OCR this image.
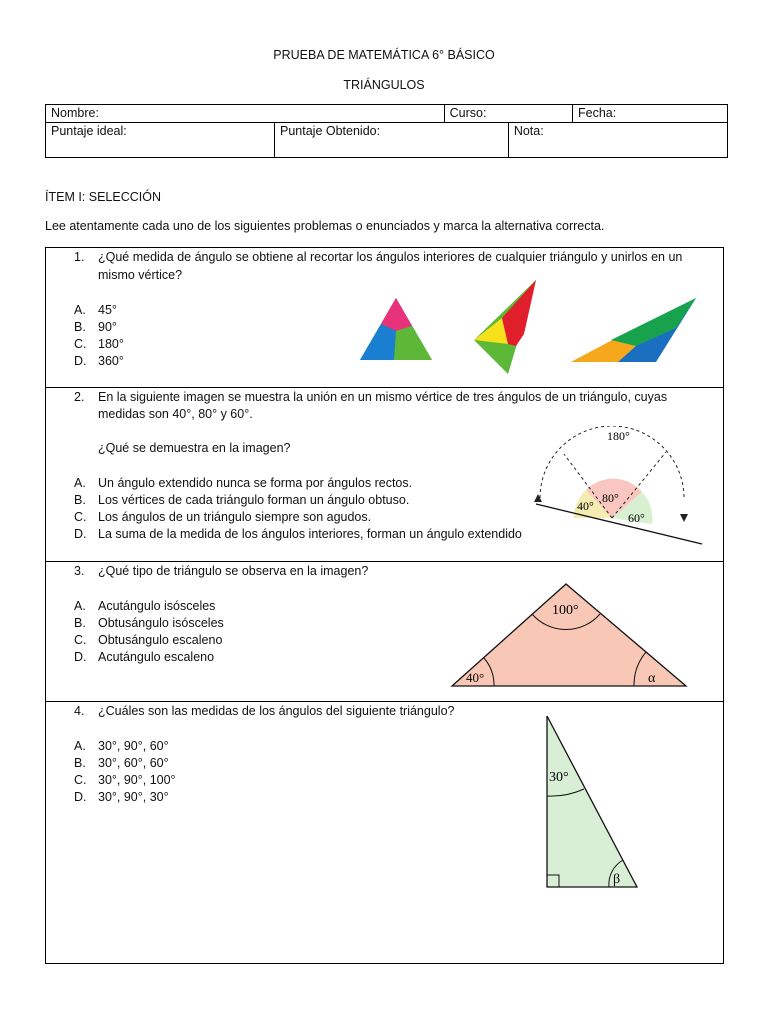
PRUEBA DE MATEMÁTICA 6° BÁSICO
TRIÁNGULOS
Nombre:		Curso:		Fecha:
Puntaje ideal:	Puntaje Obtenido:		Nota:	
ÍTEM I: SELECCIÓN
Lee atentamente cada uno de los siguientes problemas o enunciados y marca la alternativa correcta.
1. ¿Qué medida de ángulo se obtiene al recortar los ángulos interiores de cualquier triángulo y unirlos en un
mismo vértice?
A. 45°
B. 90°
C. 180°
D. 360°
2. En la siguiente imagen se muestra la unión en un mismo vértice de tres ángulos de un triángulo, cuyas
medidas son 40°, 80° y 60°.
¿Qué se demuestra en la imagen?
A. Un ángulo extendido nunca se forma por ángulos rectos.
B. Los vértices de cada triángulo forman un ángulo obtuso.
C. Los ángulos de un triángulo siempre son agudos.
D. La suma de la medida de los ángulos interiores, forman un ángulo extendido
180°
40°
80°
60°
3. ¿Qué tipo de triángulo se observa en la imagen?
A. Acutángulo isósceles
B. Obtusángulo isósceles
C. Obtusángulo escaleno
D. Acutángulo escaleno
100°
40°	α
4. ¿Cuáles son las medidas de los ángulos del siguiente triángulo?
A. 30°, 90°, 60°
B. 30°, 60°, 60°
C. 30°, 90°, 100°
D. 30°, 90°, 30°
30°
β
